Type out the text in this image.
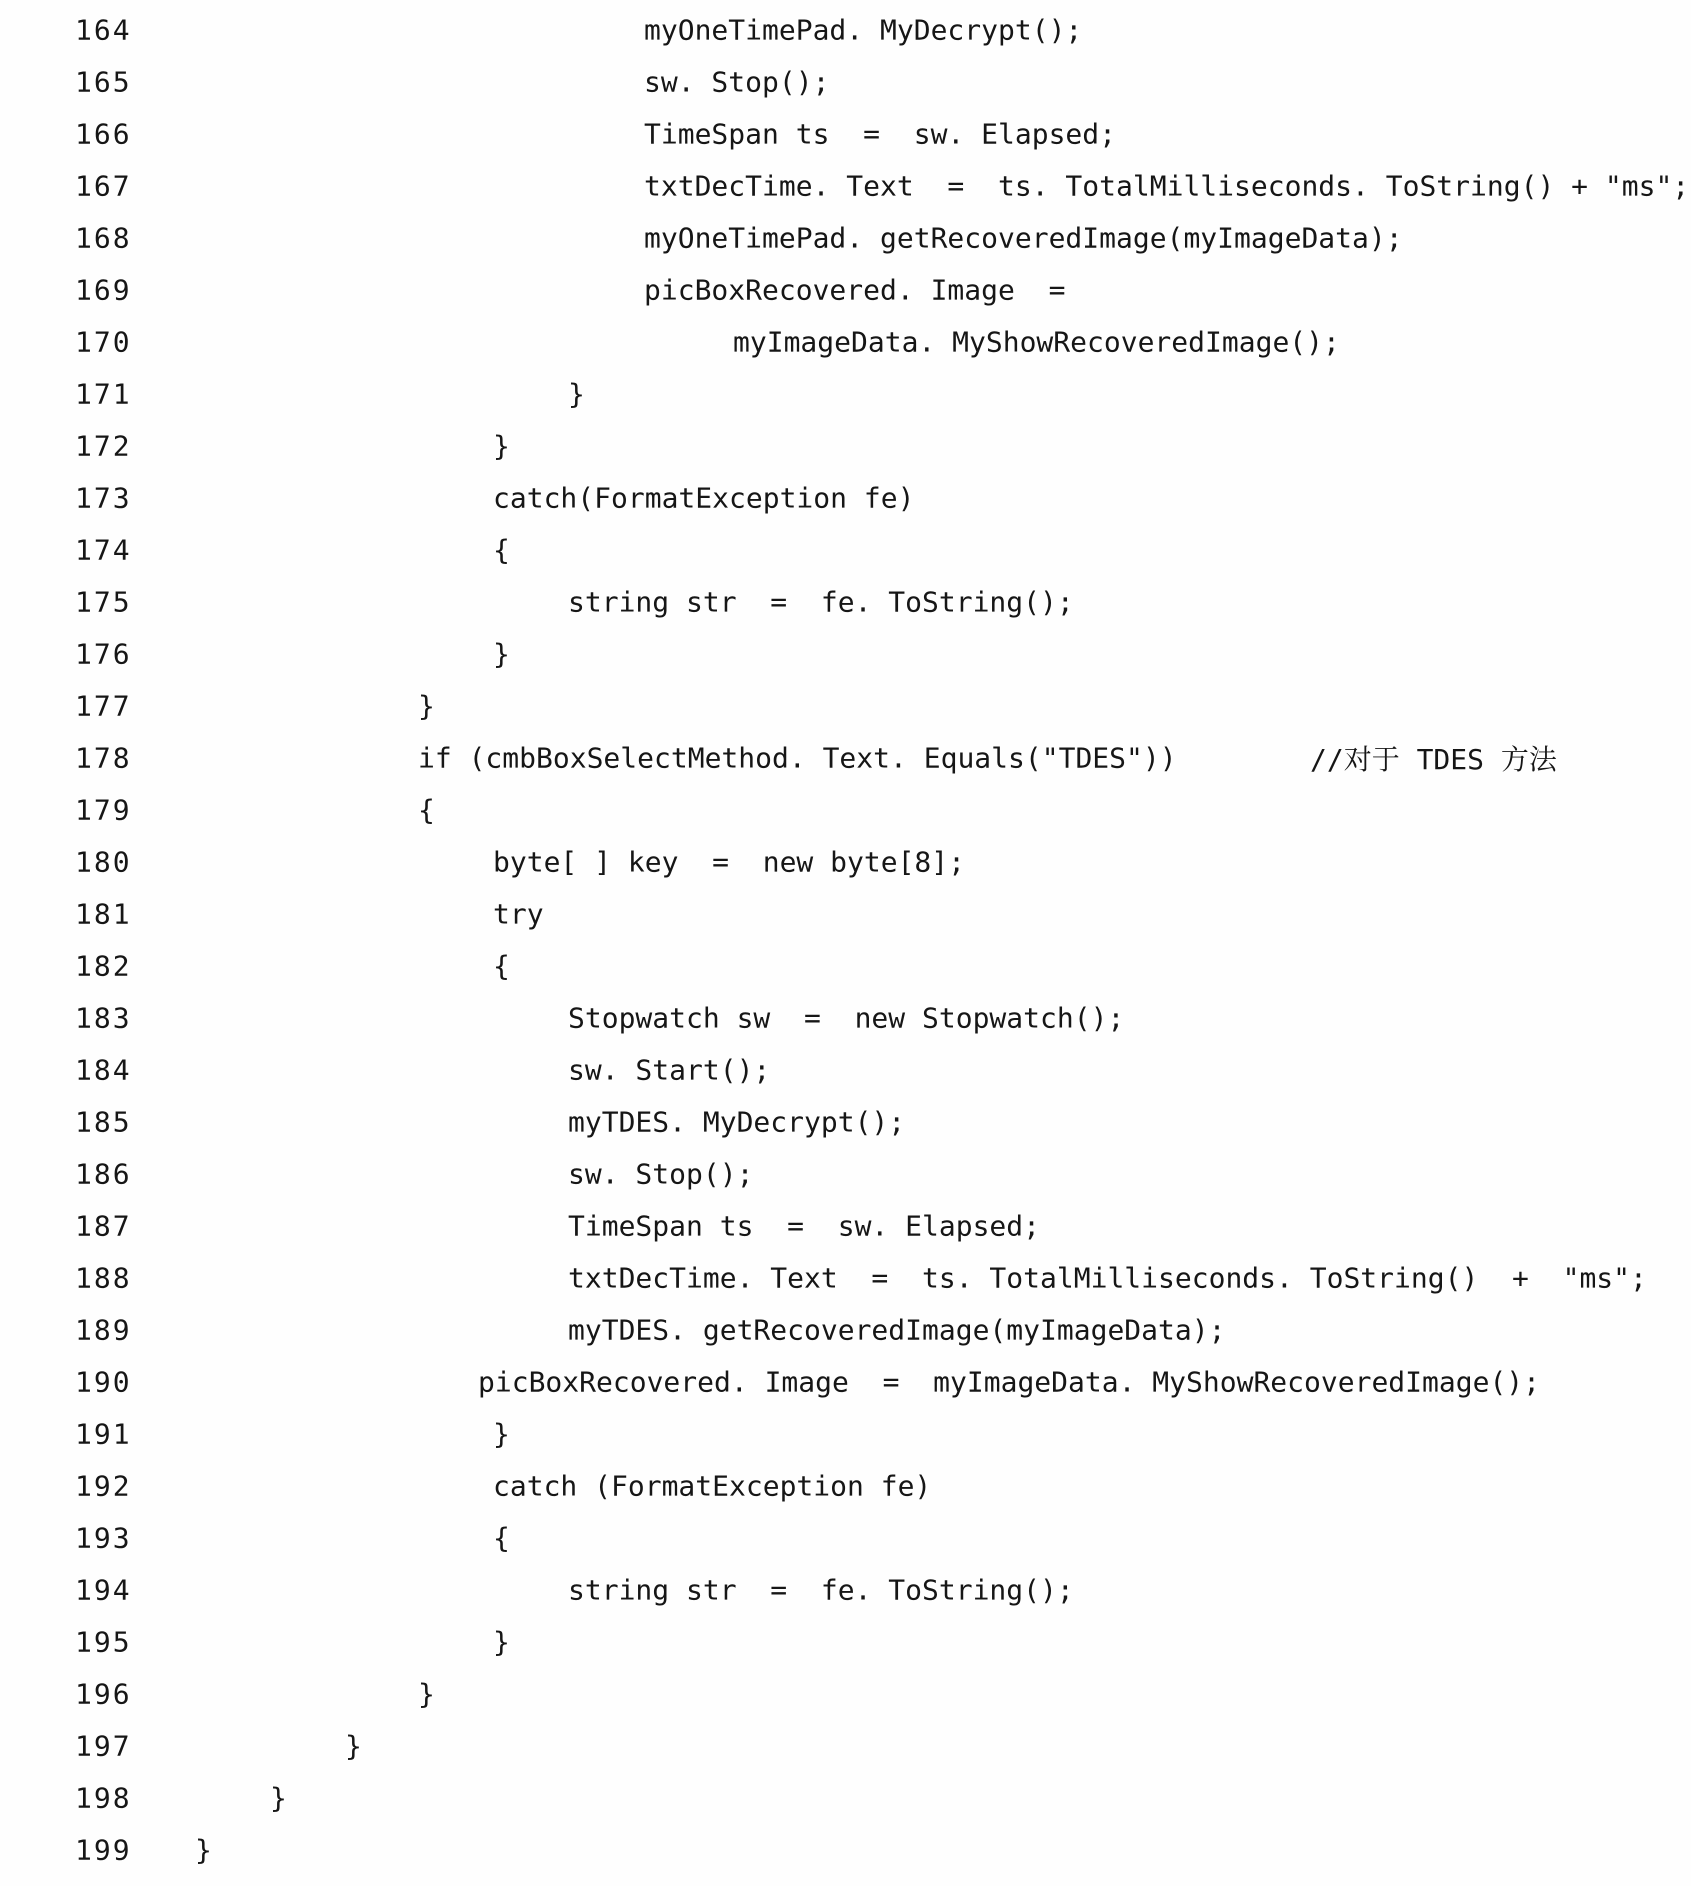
164	myOneTimePad. MyDecrypt();
165	sw. Stop();
166	TimeSpan ts  =  sw. Elapsed;
167	txtDecTime. Text  =  ts. TotalMilliseconds. ToString() + "ms";
168	myOneTimePad. getRecoveredImage(myImageData);
169	picBoxRecovered. Image  =
170	myImageData. MyShowRecoveredImage();
171	}
172	}
173	catch(FormatException fe)
174	{
175	string str  =  fe. ToString();
176	}
177	}
178	if (cmbBoxSelectMethod. Text. Equals("TDES"))	//对于 TDES 方法
179	{
180	byte[ ] key  =  new byte[8];
181	try
182	{
183	Stopwatch sw  =  new Stopwatch();
184	sw. Start();
185	myTDES. MyDecrypt();
186	sw. Stop();
187	TimeSpan ts  =  sw. Elapsed;
188	txtDecTime. Text  =  ts. TotalMilliseconds. ToString()  +  "ms";
189	myTDES. getRecoveredImage(myImageData);
190	picBoxRecovered. Image  =  myImageData. MyShowRecoveredImage();
191	}
192	catch (FormatException fe)
193	{
194	string str  =  fe. ToString();
195	}
196	}
197	}
198	}
199 }
